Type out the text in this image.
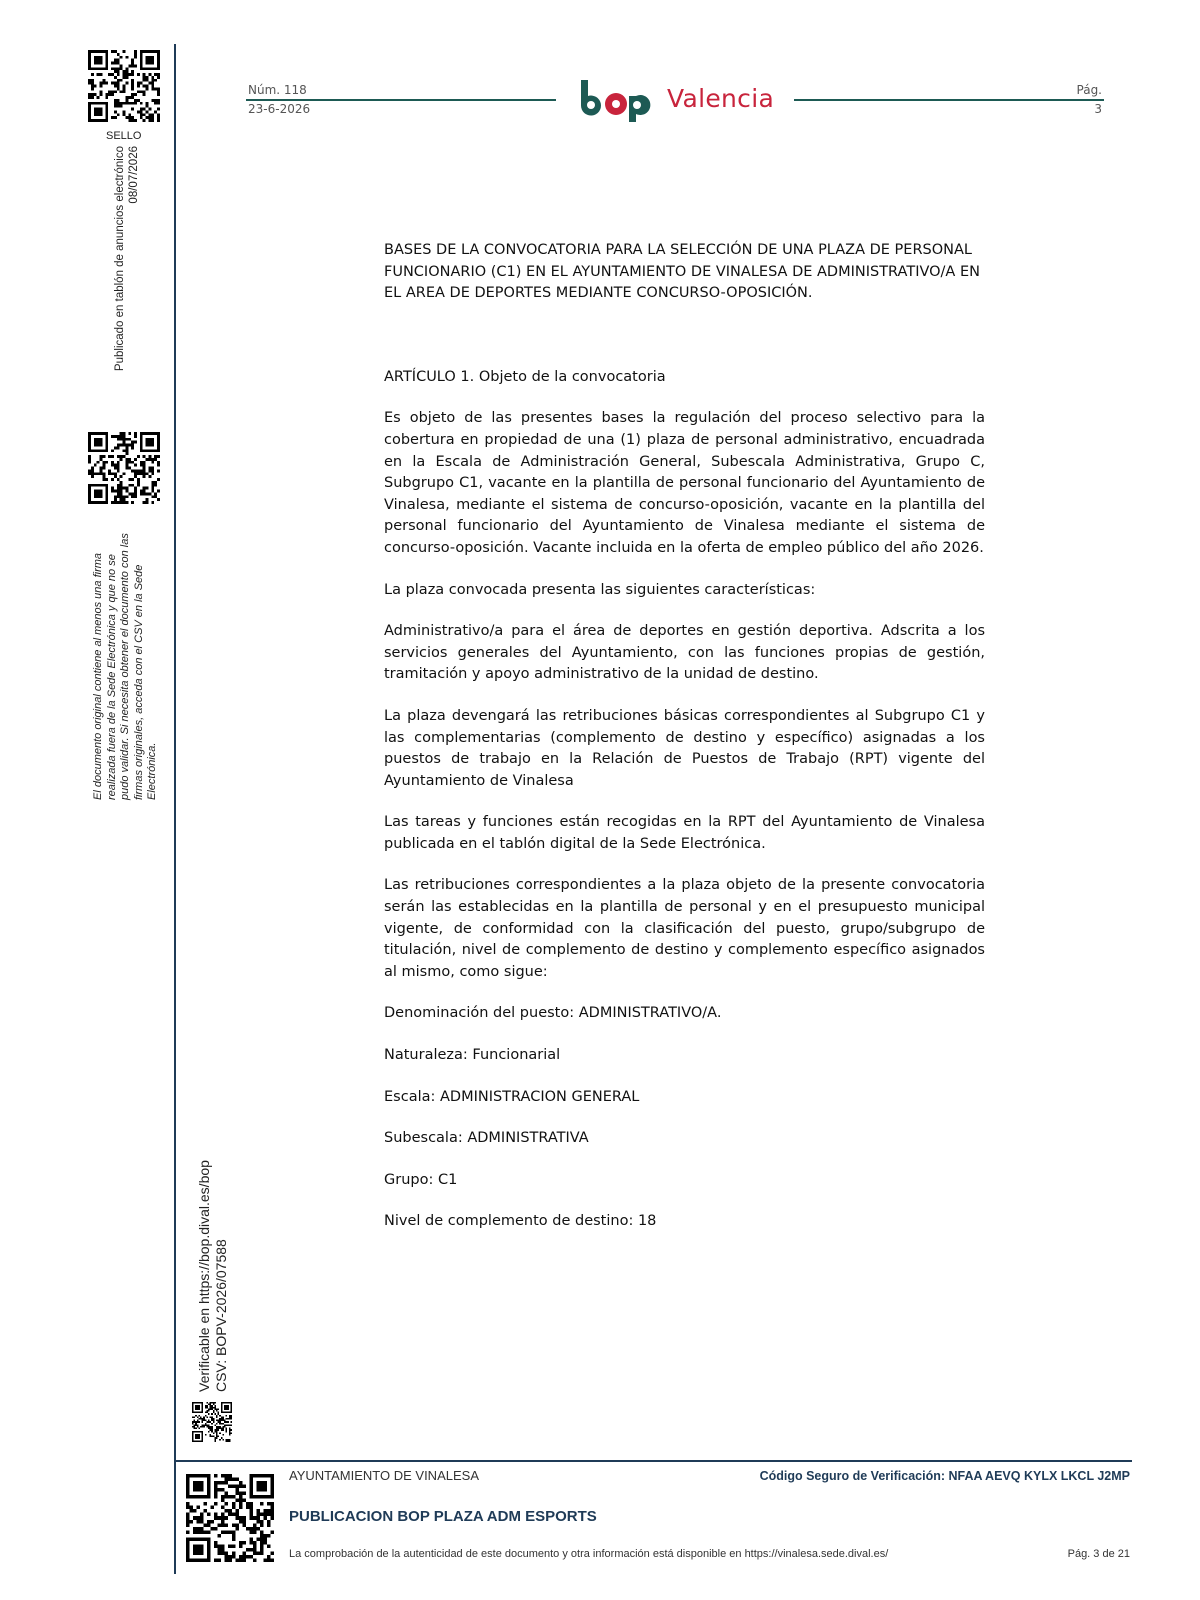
SELLO
Publicado en tablón de anuncios electrónico 08/07/2026
El documento original contiene al menos una firma realizada fuera de la Sede Electrónica y que no se pudo validar. Si necesita obtener el documento con las firmas originales, acceda con el CSV en la Sede Electrónica.
Verificable en https://bop.dival.es/bop CSV: BOPV-2026/07588
Núm. 118
23-6-2026	Valencia	Pág.
3

BASES DE LA CONVOCATORIA PARA LA SELECCIÓN DE UNA PLAZA DE PERSONAL FUNCIONARIO (C1) EN EL AYUNTAMIENTO DE VINALESA DE ADMINISTRATIVO/A EN EL AREA DE DEPORTES MEDIANTE CONCURSO-OPOSICIÓN.

ARTÍCULO 1. Objeto de la convocatoria

Es objeto de las presentes bases la regulación del proceso selectivo para la cobertura en propiedad de una (1) plaza de personal administrativo, encuadrada en la Escala de Administración General, Subescala Administrativa, Grupo C, Subgrupo C1, vacante en la plantilla de personal funcionario del Ayuntamiento de Vinalesa, mediante el sistema de concurso-oposición, vacante en la plantilla del personal funcionario del Ayuntamiento de Vinalesa mediante el sistema de concurso-oposición. Vacante incluida en la oferta de empleo público del año 2026.

La plaza convocada presenta las siguientes características:

Administrativo/a para el área de deportes en gestión deportiva. Adscrita a los servicios generales del Ayuntamiento, con las funciones propias de gestión, tramitación y apoyo administrativo de la unidad de destino.

La plaza devengará las retribuciones básicas correspondientes al Subgrupo C1 y las complementarias (complemento de destino y específico) asignadas a los puestos de trabajo en la Relación de Puestos de Trabajo (RPT) vigente del Ayuntamiento de Vinalesa

Las tareas y funciones están recogidas en la RPT del Ayuntamiento de Vinalesa publicada en el tablón digital de la Sede Electrónica.

Las retribuciones correspondientes a la plaza objeto de la presente convocatoria serán las establecidas en la plantilla de personal y en el presupuesto municipal vigente, de conformidad con la clasificación del puesto, grupo/subgrupo de titulación, nivel de complemento de destino y complemento específico asignados al mismo, como sigue:

Denominación del puesto: ADMINISTRATIVO/A.

Naturaleza: Funcionarial

Escala: ADMINISTRACION GENERAL

Subescala: ADMINISTRATIVA

Grupo: C1

Nivel de complemento de destino: 18

AYUNTAMIENTO DE VINALESA	Código Seguro de Verificación: NFAA AEVQ KYLX LKCL J2MP
PUBLICACION BOP PLAZA ADM ESPORTS
La comprobación de la autenticidad de este documento y otra información está disponible en https://vinalesa.sede.dival.es/	Pág. 3 de 21
